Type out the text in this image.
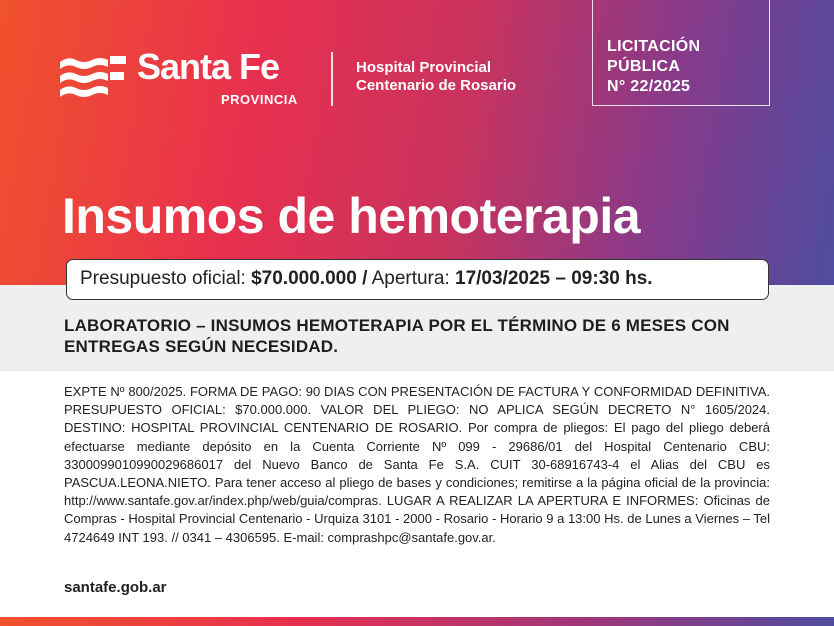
Santa Fe
PROVINCIA
Hospital Provincial
Centenario de Rosario
LICITACIÓN
PÚBLICA
N° 22/2025
Insumos de hemoterapia
Presupuesto oficial: $70.000.000 / Apertura: 17/03/2025 – 09:30 hs.
LABORATORIO – INSUMOS HEMOTERAPIA POR EL TÉRMINO DE 6 MESES CON ENTREGAS SEGÚN NECESIDAD.
EXPTE Nº 800/2025. FORMA DE PAGO: 90 DIAS CON PRESENTACIÓN DE FACTURA Y CONFORMIDAD DEFINITIVA. PRESUPUESTO OFICIAL: $70.000.000. VALOR DEL PLIEGO: NO APLICA SEGÚN DECRETO N° 1605/2024. DESTINO: HOSPITAL PROVINCIAL CENTENARIO DE ROSARIO. Por compra de pliegos: El pago del pliego deberá efectuarse mediante depósito en la Cuenta Corriente Nº 099 - 29686/01 del Hospital Centenario CBU: 3300099010990029686017 del Nuevo Banco de Santa Fe S.A. CUIT 30-68916743-4 el Alias del CBU es PASCUA.LEONA.NIETO. Para tener acceso al pliego de bases y condiciones; remitirse a la página oficial de la provincia: http://www.santafe.gov.ar/index.php/web/guia/compras. LUGAR A REALIZAR LA APERTURA E INFORMES: Oficinas de Compras - Hospital Provincial Centenario - Urquiza 3101 - 2000 - Rosario - Horario 9 a 13:00 Hs. de Lunes a Viernes – Tel 4724649 INT 193. // 0341 – 4306595. E-mail: comprashpc@santafe.gov.ar.
santafe.gob.ar
